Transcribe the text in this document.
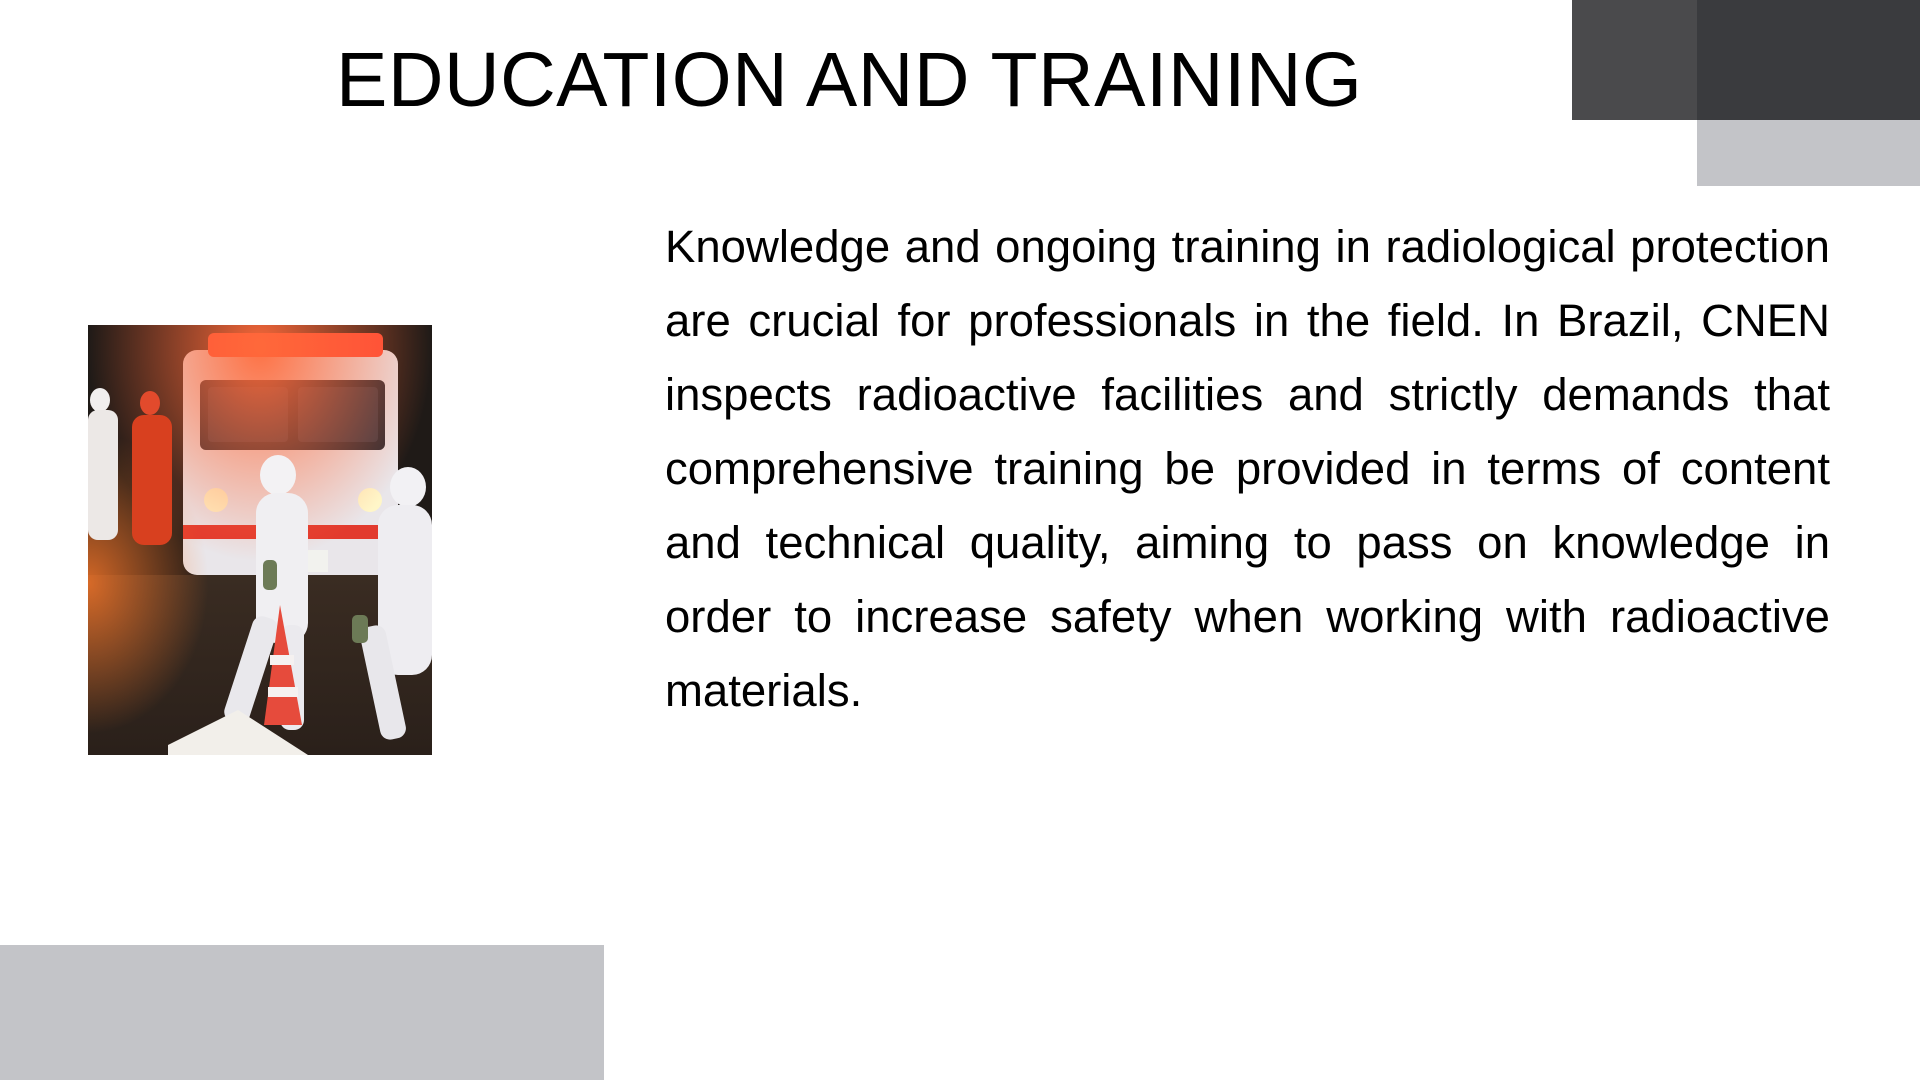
EDUCATION AND TRAINING

Knowledge and ongoing training in radiological protection are crucial for professionals in the field. In Brazil, CNEN inspects radioactive facilities and strictly demands that comprehensive training be provided in terms of content and technical quality, aiming to pass on knowledge in order to increase safety when working with radioactive materials.
